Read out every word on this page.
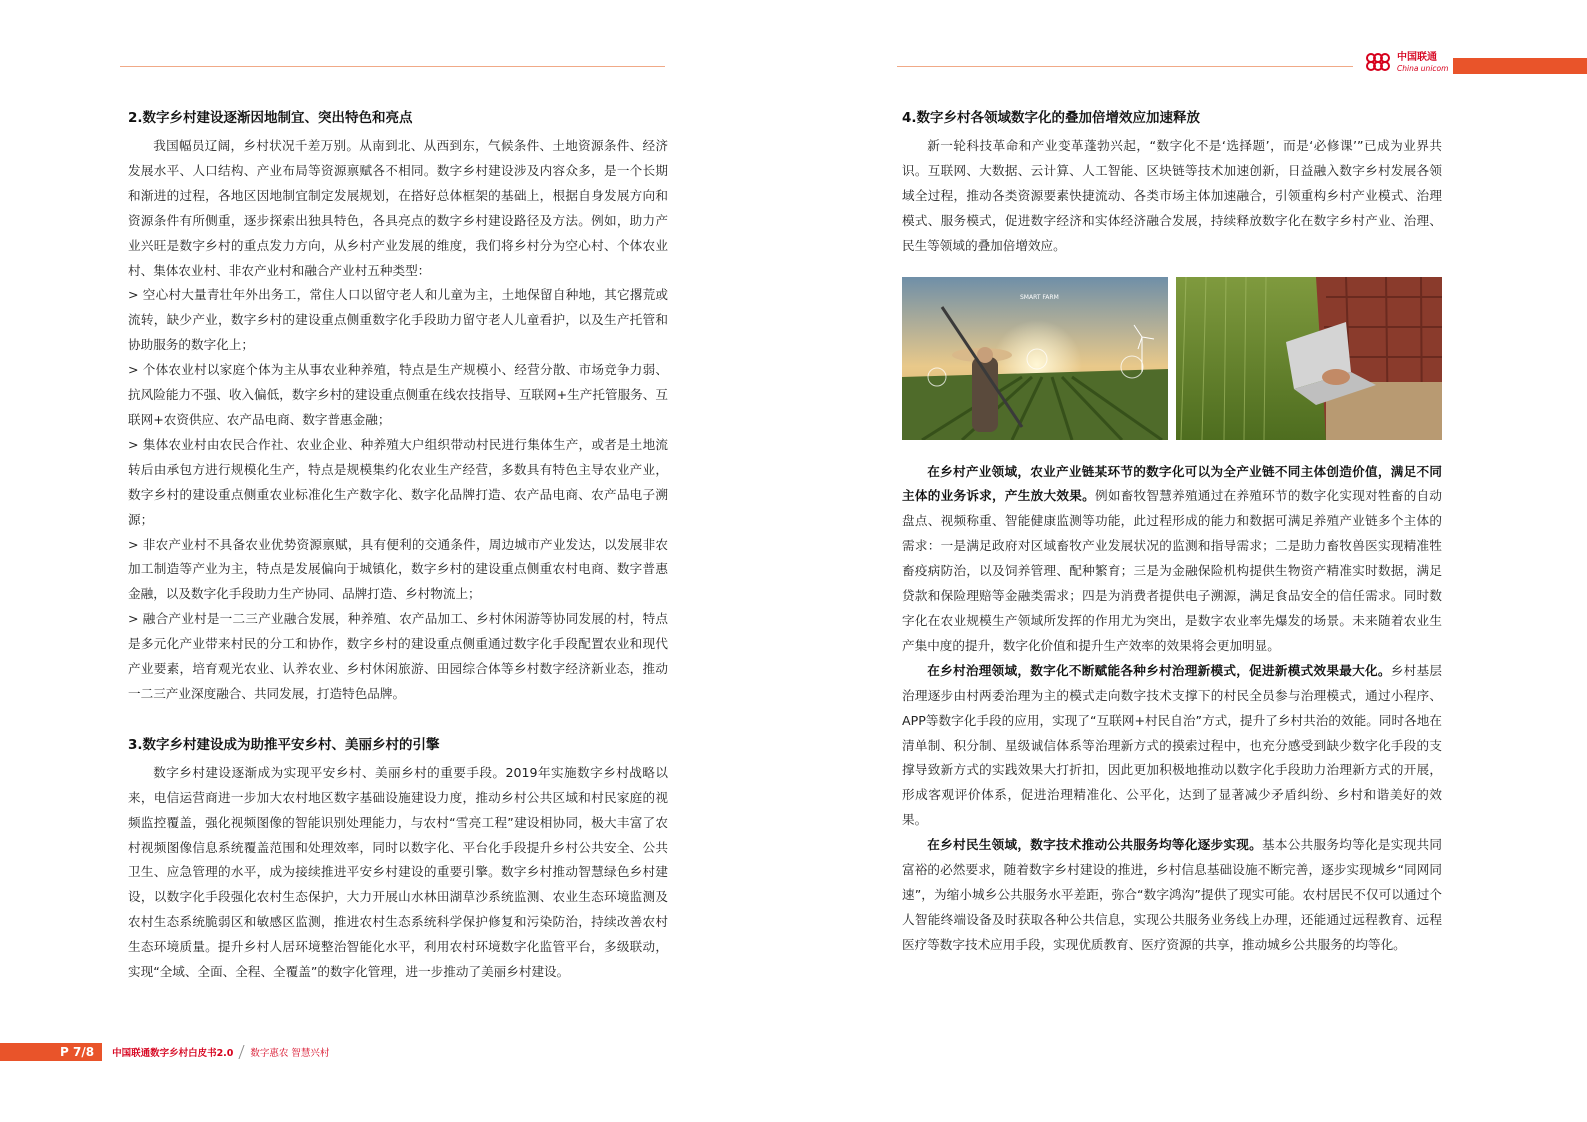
中国联通
China unicom
2.数字乡村建设逐渐因地制宜、突出特色和亮点

我国幅员辽阔，乡村状况千差万别。从南到北、从西到东，气候条件、土地资源条件、经济发展水平、人口结构、产业布局等资源禀赋各不相同。数字乡村建设涉及内容众多，是一个长期和渐进的过程，各地区因地制宜制定发展规划，在搭好总体框架的基础上，根据自身发展方向和资源条件有所侧重，逐步探索出独具特色，各具亮点的数字乡村建设路径及方法。例如，助力产业兴旺是数字乡村的重点发力方向，从乡村产业发展的维度，我们将乡村分为空心村、个体农业村、集体农业村、非农产业村和融合产业村五种类型：

> 空心村大量青壮年外出务工，常住人口以留守老人和儿童为主，土地保留自种地，其它撂荒或流转，缺少产业，数字乡村的建设重点侧重数字化手段助力留守老人儿童看护，以及生产托管和协助服务的数字化上；

> 个体农业村以家庭个体为主从事农业种养殖，特点是生产规模小、经营分散、市场竞争力弱、抗风险能力不强、收入偏低，数字乡村的建设重点侧重在线农技指导、互联网+生产托管服务、互联网+农资供应、农产品电商、数字普惠金融；

> 集体农业村由农民合作社、农业企业、种养殖大户组织带动村民进行集体生产，或者是土地流转后由承包方进行规模化生产，特点是规模集约化农业生产经营，多数具有特色主导农业产业，数字乡村的建设重点侧重农业标准化生产数字化、数字化品牌打造、农产品电商、农产品电子溯源；

> 非农产业村不具备农业优势资源禀赋，具有便利的交通条件，周边城市产业发达，以发展非农加工制造等产业为主，特点是发展偏向于城镇化，数字乡村的建设重点侧重农村电商、数字普惠金融，以及数字化手段助力生产协同、品牌打造、乡村物流上；

> 融合产业村是一二三产业融合发展，种养殖、农产品加工、乡村休闲游等协同发展的村，特点是多元化产业带来村民的分工和协作，数字乡村的建设重点侧重通过数字化手段配置农业和现代产业要素，培育观光农业、认养农业、乡村休闲旅游、田园综合体等乡村数字经济新业态，推动一二三产业深度融合、共同发展，打造特色品牌。

3.数字乡村建设成为助推平安乡村、美丽乡村的引擎

数字乡村建设逐渐成为实现平安乡村、美丽乡村的重要手段。2019年实施数字乡村战略以来，电信运营商进一步加大农村地区数字基础设施建设力度，推动乡村公共区域和村民家庭的视频监控覆盖，强化视频图像的智能识别处理能力，与农村“雪亮工程”建设相协同，极大丰富了农村视频图像信息系统覆盖范围和处理效率，同时以数字化、平台化手段提升乡村公共安全、公共卫生、应急管理的水平，成为接续推进平安乡村建设的重要引擎。数字乡村推动智慧绿色乡村建设，以数字化手段强化农村生态保护，大力开展山水林田湖草沙系统监测、农业生态环境监测及农村生态系统脆弱区和敏感区监测，推进农村生态系统科学保护修复和污染防治，持续改善农村生态环境质量。提升乡村人居环境整治智能化水平，利用农村环境数字化监管平台，多级联动，实现“全域、全面、全程、全覆盖”的数字化管理，进一步推动了美丽乡村建设。

4.数字乡村各领域数字化的叠加倍增效应加速释放

新一轮科技革命和产业变革蓬勃兴起，“数字化不是‘选择题’，而是‘必修课’”已成为业界共识。互联网、大数据、云计算、人工智能、区块链等技术加速创新，日益融入数字乡村发展各领域全过程，推动各类资源要素快捷流动、各类市场主体加速融合，引领重构乡村产业模式、治理模式、服务模式，促进数字经济和实体经济融合发展，持续释放数字化在数字乡村产业、治理、民生等领域的叠加倍增效应。

SMART FARM

在乡村产业领域，农业产业链某环节的数字化可以为全产业链不同主体创造价值，满足不同主体的业务诉求，产生放大效果。例如畜牧智慧养殖通过在养殖环节的数字化实现对牲畜的自动盘点、视频称重、智能健康监测等功能，此过程形成的能力和数据可满足养殖产业链多个主体的需求：一是满足政府对区域畜牧产业发展状况的监测和指导需求；二是助力畜牧兽医实现精准牲畜疫病防治，以及饲养管理、配种繁育；三是为金融保险机构提供生物资产精准实时数据，满足贷款和保险理赔等金融类需求；四是为消费者提供电子溯源，满足食品安全的信任需求。同时数字化在农业规模生产领域所发挥的作用尤为突出，是数字农业率先爆发的场景。未来随着农业生产集中度的提升，数字化价值和提升生产效率的效果将会更加明显。

在乡村治理领域，数字化不断赋能各种乡村治理新模式，促进新模式效果最大化。乡村基层治理逐步由村两委治理为主的模式走向数字技术支撑下的村民全员参与治理模式，通过小程序、APP等数字化手段的应用，实现了“互联网+村民自治”方式，提升了乡村共治的效能。同时各地在清单制、积分制、星级诚信体系等治理新方式的摸索过程中，也充分感受到缺少数字化手段的支撑导致新方式的实践效果大打折扣，因此更加积极地推动以数字化手段助力治理新方式的开展，形成客观评价体系，促进治理精准化、公平化，达到了显著减少矛盾纠纷、乡村和谐美好的效果。

在乡村民生领域，数字技术推动公共服务均等化逐步实现。基本公共服务均等化是实现共同富裕的必然要求，随着数字乡村建设的推进，乡村信息基础设施不断完善，逐步实现城乡“同网同速”，为缩小城乡公共服务水平差距，弥合“数字鸿沟”提供了现实可能。农村居民不仅可以通过个人智能终端设备及时获取各种公共信息，实现公共服务业务线上办理，还能通过远程教育、远程医疗等数字技术应用手段，实现优质教育、医疗资源的共享，推动城乡公共服务的均等化。

P 7/8	中国联通数字乡村白皮书2.0 数字惠农 智慧兴村
